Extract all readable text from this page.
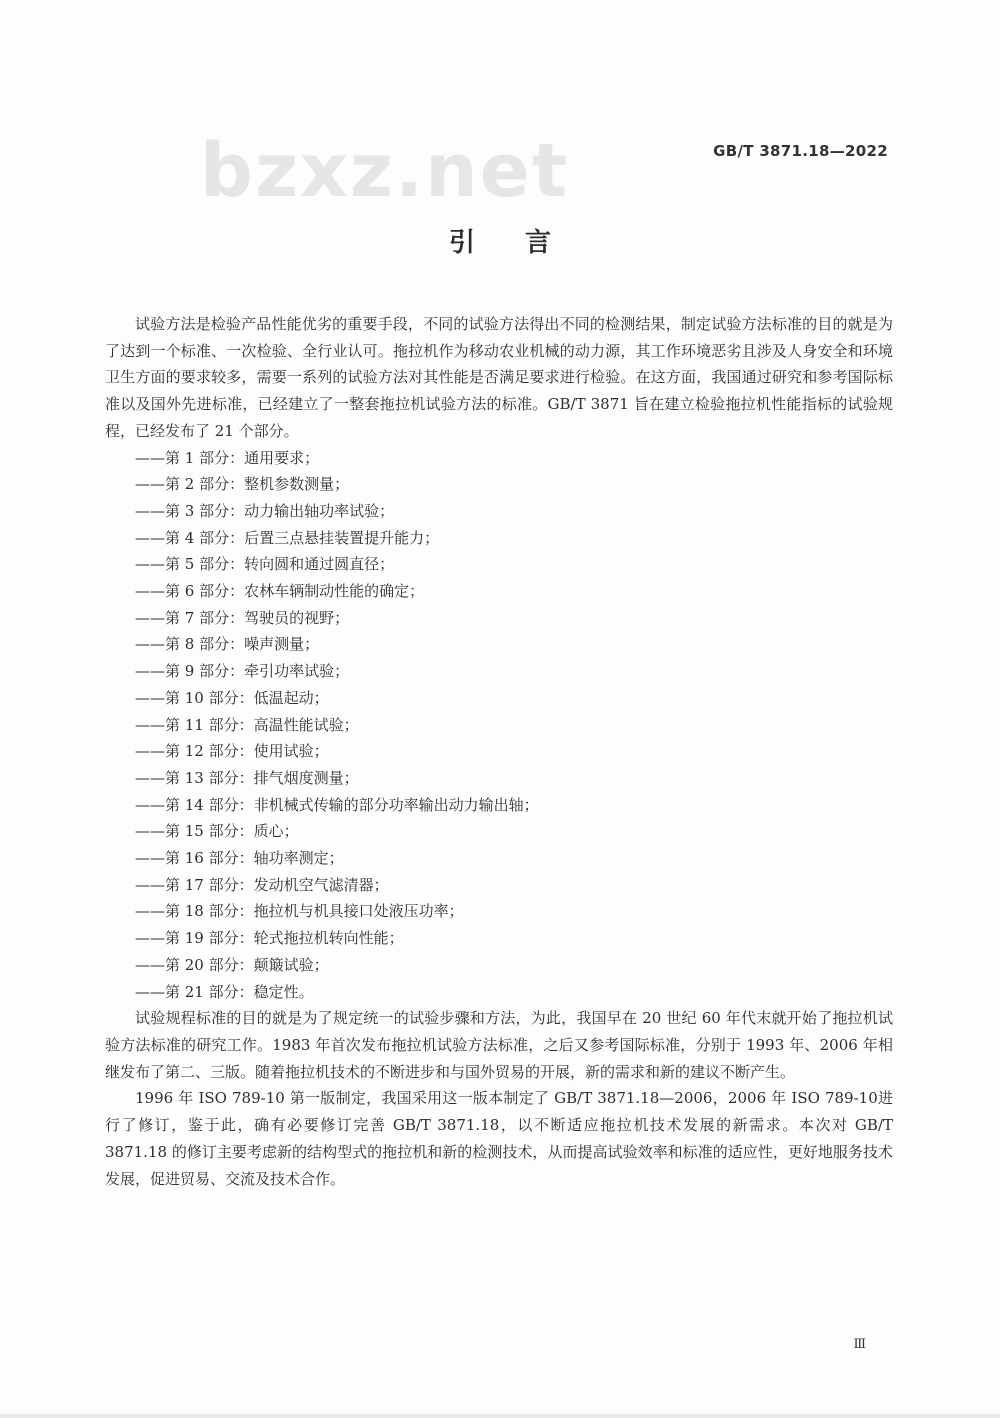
bzxz.net	GB/T 3871.18—2022
引言

试验方法是检验产品性能优劣的重要手段，不同的试验方法得出不同的检测结果，制定试验方法标准的目的就是为了达到一个标准、一次检验、全行业认可。拖拉机作为移动农业机械的动力源，其工作环境恶劣且涉及人身安全和环境卫生方面的要求较多，需要一系列的试验方法对其性能是否满足要求进行检验。在这方面，我国通过研究和参考国际标准以及国外先进标准，已经建立了一整套拖拉机试验方法的标准。GB/T 3871 旨在建立检验拖拉机性能指标的试验规程，已经发布了 21 个部分。

——第 1 部分：通用要求；
——第 2 部分：整机参数测量；
——第 3 部分：动力输出轴功率试验；
——第 4 部分：后置三点悬挂装置提升能力；
——第 5 部分：转向圆和通过圆直径；
——第 6 部分：农林车辆制动性能的确定；
——第 7 部分：驾驶员的视野；
——第 8 部分：噪声测量；
——第 9 部分：牵引功率试验；
——第 10 部分：低温起动；
——第 11 部分：高温性能试验；
——第 12 部分：使用试验；
——第 13 部分：排气烟度测量；
——第 14 部分：非机械式传输的部分功率输出动力输出轴；
——第 15 部分：质心；
——第 16 部分：轴功率测定；
——第 17 部分：发动机空气滤清器；
——第 18 部分：拖拉机与机具接口处液压功率；
——第 19 部分：轮式拖拉机转向性能；
——第 20 部分：颠簸试验；
——第 21 部分：稳定性。

试验规程标准的目的就是为了规定统一的试验步骤和方法，为此，我国早在 20 世纪 60 年代末就开始了拖拉机试验方法标准的研究工作。1983 年首次发布拖拉机试验方法标准，之后又参考国际标准，分别于 1993 年、2006 年相继发布了第二、三版。随着拖拉机技术的不断进步和与国外贸易的开展，新的需求和新的建议不断产生。

1996 年 ISO 789-10 第一版制定，我国采用这一版本制定了 GB/T 3871.18—2006，2006 年 ISO 789-10进行了修订，鉴于此，确有必要修订完善 GB/T 3871.18，以不断适应拖拉机技术发展的新需求。本次对 GB/T 3871.18 的修订主要考虑新的结构型式的拖拉机和新的检测技术，从而提高试验效率和标准的适应性，更好地服务技术发展，促进贸易、交流及技术合作。

Ⅲ
